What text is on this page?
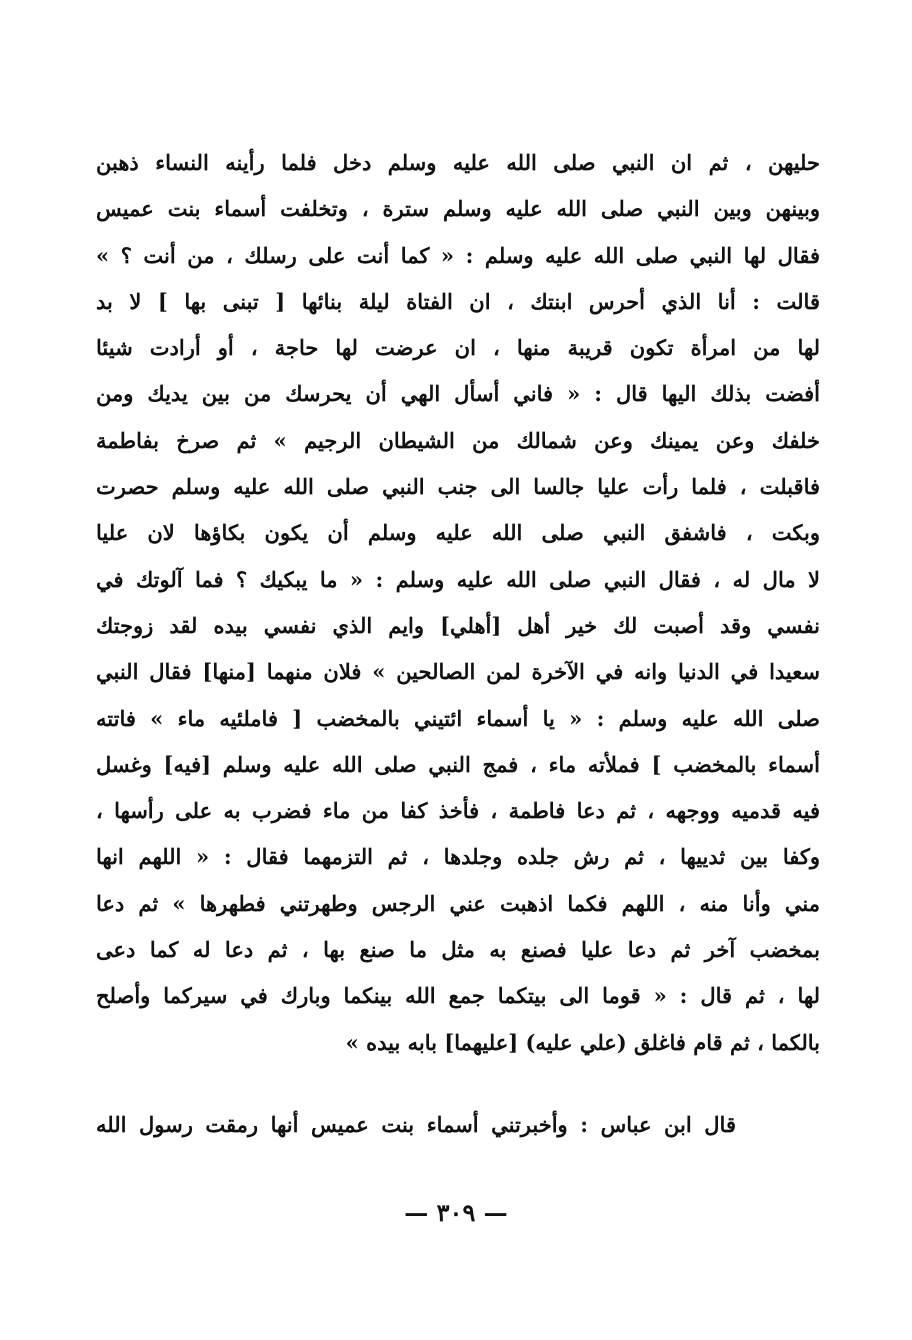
حليهن ، ثم ان النبي صلى الله عليه وسلم دخل فلما رأينه النساء ذهبن
وبينهن وبين النبي صلى الله عليه وسلم سترة ، وتخلفت أسماء بنت عميس
فقال لها النبي صلى الله عليه وسلم : « كما أنت على رسلك ، من أنت ؟ »
قالت : أنا الذي أحرس ابنتك ، ان الفتاة ليلة بنائها [ تبنى بها ] لا بد
لها من امرأة تكون قريبة منها ، ان عرضت لها حاجة ، أو أرادت شيئا
أفضت بذلك اليها قال : « فاني أسأل الهي أن يحرسك من بين يديك ومن
خلفك وعن يمينك وعن شمالك من الشيطان الرجيم » ثم صرخ بفاطمة
فاقبلت ، فلما رأت عليا جالسا الى جنب النبي صلى الله عليه وسلم حصرت
وبكت ، فاشفق النبي صلى الله عليه وسلم أن يكون بكاؤها لان عليا
لا مال له ، فقال النبي صلى الله عليه وسلم : « ما يبكيك ؟ فما آلوتك في
نفسي وقد أصبت لك خير أهل [أهلي] وايم الذي نفسي بيده لقد زوجتك
سعيدا في الدنيا وانه في الآخرة لمن الصالحين » فلان منهما [منها] فقال النبي
صلى الله عليه وسلم : « يا أسماء ائتيني بالمخضب [ فاملئيه ماء » فاتته
أسماء بالمخضب ] فملأته ماء ، فمج النبي صلى الله عليه وسلم [فيه] وغسل
فيه قدميه ووجهه ، ثم دعا فاطمة ، فأخذ كفا من ماء فضرب به على رأسها ،
وكفا بين ثدييها ، ثم رش جلده وجلدها ، ثم التزمهما فقال : « اللهم انها
مني وأنا منه ، اللهم فكما اذهبت عني الرجس وطهرتني فطهرها » ثم دعا
بمخضب آخر ثم دعا عليا فصنع به مثل ما صنع بها ، ثم دعا له كما دعى
لها ، ثم قال : « قوما الى بيتكما جمع الله بينكما وبارك في سيركما وأصلح
بالكما ، ثم قام فاغلق (علي عليه) [عليهما] بابه بيده »
قال ابن عباس : وأخبرتني أسماء بنت عميس أنها رمقت رسول الله
— ٣٠٩ —
